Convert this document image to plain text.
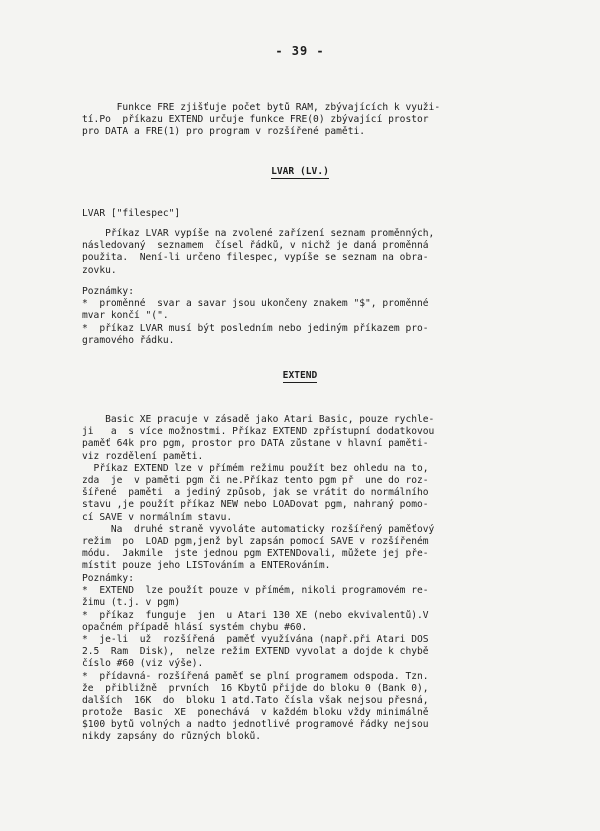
- 39 -
Funkce FRE zjišťuje počet bytů RAM, zbývajících k využi-
tí.Po  příkazu EXTEND určuje funkce FRE(0) zbývající prostor
pro DATA a FRE(1) pro program v rozšířené paměti.
LVAR (LV.)
LVAR ["filespec"]
Příkaz LVAR vypíše na zvolené zařízení seznam proměnných,
následovaný  seznamem  čísel řádků, v nichž je daná proměnná
použita.  Není-li určeno filespec, vypíše se seznam na obra-
zovku.
Poznámky:
*  proměnné  svar a savar jsou ukončeny znakem "$", proměnné
mvar končí "(".
*  příkaz LVAR musí být posledním nebo jediným příkazem pro-
gramového řádku.
EXTEND
Basic XE pracuje v zásadě jako Atari Basic, pouze rychle-
ji   a  s více možnostmi. Příkaz EXTEND zpřístupní dodatkovou
paměť 64k pro pgm, prostor pro DATA zůstane v hlavní paměti-
viz rozdělení paměti.
Příkaz EXTEND lze v přímém režimu použít bez ohledu na to,
zda  je  v paměti pgm či ne.Příkaz tento pgm př  une do roz-
šířené  paměti  a jediný způsob, jak se vrátit do normálního
stavu ,je použít příkaz NEW nebo LOADovat pgm, nahraný pomo-
cí SAVE v normálním stavu.
Na  druhé straně vyvoláte automaticky rozšířený paměťový
režim  po  LOAD pgm,jenž byl zapsán pomocí SAVE v rozšířeném
módu.  Jakmile  jste jednou pgm EXTENDovali, můžete jej pře-
místit pouze jeho LISTováním a ENTERováním.
Poznámky:
*  EXTEND  lze použít pouze v přímém, nikoli programovém re-
žimu (t.j. v pgm)
*  příkaz  funguje  jen  u Atari 130 XE (nebo ekvivalentů).V
opačném případě hlásí systém chybu #60.
*  je-li  už  rozšířená  paměť využívána (např.při Atari DOS
2.5  Ram  Disk),  nelze režim EXTEND vyvolat a dojde k chybě
číslo #60 (viz výše).
*  přídavná- rozšířená paměť se plní programem odspoda. Tzn.
že  přibližně  prvních  16 Kbytů přijde do bloku 0 (Bank 0),
dalších  16K  do  bloku 1 atd.Tato čísla však nejsou přesná,
protože  Basic  XE  ponechává  v každém bloku vždy minimálně
$100 bytů volných a nadto jednotlivé programové řádky nejsou
nikdy zapsány do různých bloků.
